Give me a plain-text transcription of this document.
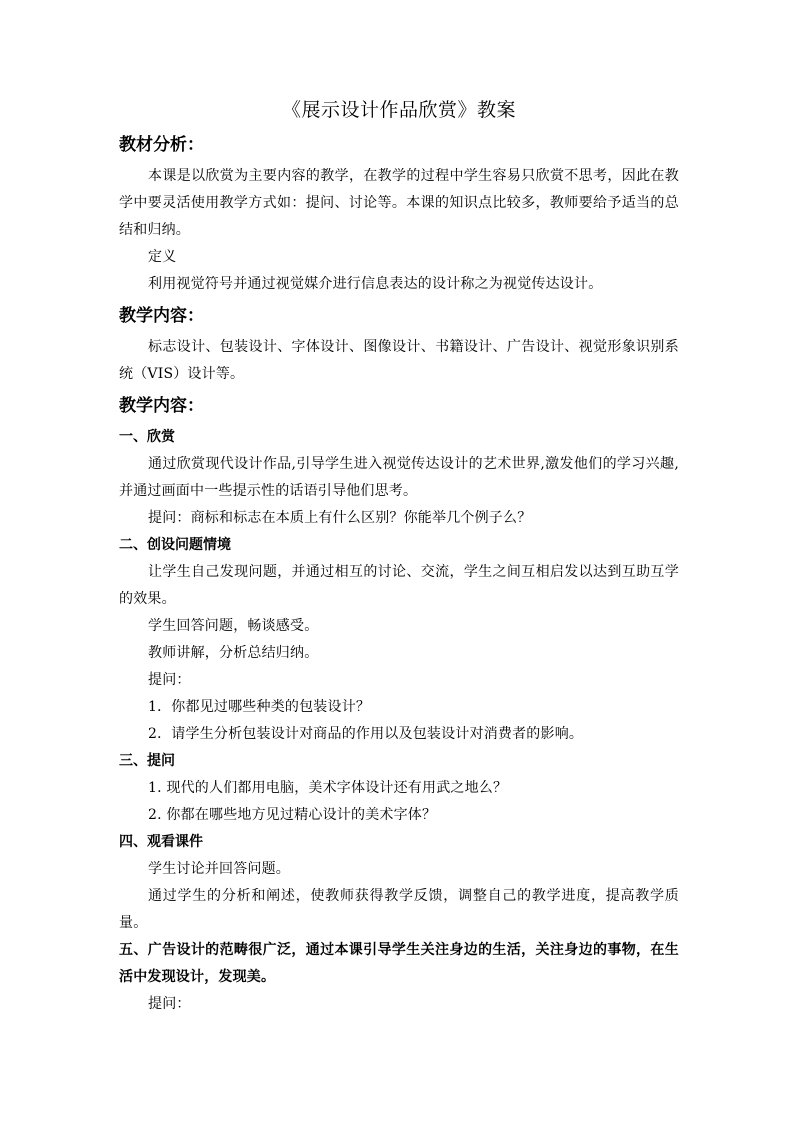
《展示设计作品欣赏》教案
教材分析：

本课是以欣赏为主要内容的教学，在教学的过程中学生容易只欣赏不思考，因此在教学中要灵活使用教学方式如：提问、讨论等。本课的知识点比较多，教师要给予适当的总结和归纳。

定义

利用视觉符号并通过视觉媒介进行信息表达的设计称之为视觉传达设计。

教学内容：

标志设计、包装设计、字体设计、图像设计、书籍设计、广告设计、视觉形象识别系统（VIS）设计等。

教学内容：
一、欣赏

通过欣赏现代设计作品,引导学生进入视觉传达设计的艺术世界,激发他们的学习兴趣,并通过画面中一些提示性的话语引导他们思考。

提问：商标和标志在本质上有什么区别？你能举几个例子么？

二、创设问题情境

让学生自己发现问题，并通过相互的讨论、交流，学生之间互相启发以达到互助互学的效果。

学生回答问题，畅谈感受。

教师讲解，分析总结归纳。

提问：

1．你都见过哪些种类的包装设计？

2．请学生分析包装设计对商品的作用以及包装设计对消费者的影响。

三、提问

1. 现代的人们都用电脑，美术字体设计还有用武之地么？

2. 你都在哪些地方见过精心设计的美术字体？

四、观看课件

学生讨论并回答问题。

通过学生的分析和阐述，使教师获得教学反馈，调整自己的教学进度，提高教学质量。

五、广告设计的范畴很广泛，通过本课引导学生关注身边的生活，关注身边的事物，在生活中发现设计，发现美。

提问：
